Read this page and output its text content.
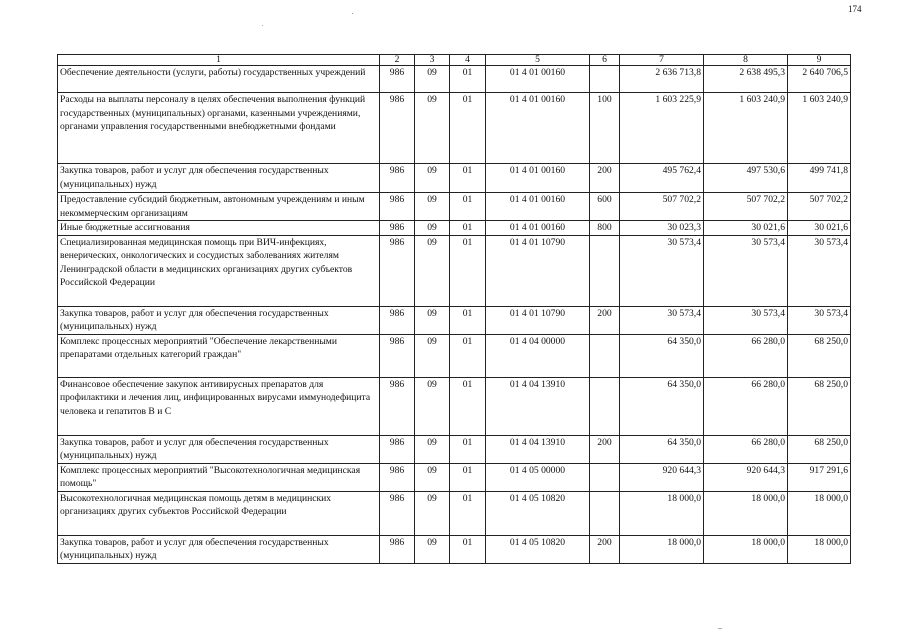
174
1	2	3	4	5	6	7	8	9
Обеспечение деятельности (услуги, работы) государственных учреждений	986	09	01	01 4 01 00160		2 636 713,8	2 638 495,3	2 640 706,5
Расходы на выплаты персоналу в целях обеспечения выполнения функций государственных (муниципальных) органами, казенными учреждениями, органами управления государственными внебюджетными фондами	986	09	01	01 4 01 00160	100	1 603 225,9	1 603 240,9	1 603 240,9
Закупка товаров, работ и услуг для обеспечения государственных (муниципальных) нужд	986	09	01	01 4 01 00160	200	495 762,4	497 530,6	499 741,8
Предоставление субсидий бюджетным, автономным учреждениям и иным некоммерческим организациям	986	09	01	01 4 01 00160	600	507 702,2	507 702,2	507 702,2
Иные бюджетные ассигнования	986	09	01	01 4 01 00160	800	30 023,3	30 021,6	30 021,6
Специализированная медицинская помощь при ВИЧ-инфекциях, венерических, онкологических и сосудистых заболеваниях жителям Ленинградской области в медицинских организациях других субъектов Российской Федерации	986	09	01	01 4 01 10790		30 573,4	30 573,4	30 573,4
Закупка товаров, работ и услуг для обеспечения государственных (муниципальных) нужд	986	09	01	01 4 01 10790	200	30 573,4	30 573,4	30 573,4
Комплекс процессных мероприятий "Обеспечение лекарственными препаратами отдельных категорий граждан"	986	09	01	01 4 04 00000		64 350,0	66 280,0	68 250,0
Финансовое обеспечение закупок антивирусных препаратов для профилактики и лечения лиц, инфицированных вирусами иммунодефицита человека и гепатитов В и С	986	09	01	01 4 04 13910		64 350,0	66 280,0	68 250,0
Закупка товаров, работ и услуг для обеспечения государственных (муниципальных) нужд	986	09	01	01 4 04 13910	200	64 350,0	66 280,0	68 250,0
Комплекс процессных мероприятий "Высокотехнологичная медицинская помощь"	986	09	01	01 4 05 00000		920 644,3	920 644,3	917 291,6
Высокотехнологичная медицинская помощь детям в медицинских организациях других субъектов Российской Федерации	986	09	01	01 4 05 10820		18 000,0	18 000,0	18 000,0
Закупка товаров, работ и услуг для обеспечения государственных (муниципальных) нужд	986	09	01	01 4 05 10820	200	18 000,0	18 000,0	18 000,0
